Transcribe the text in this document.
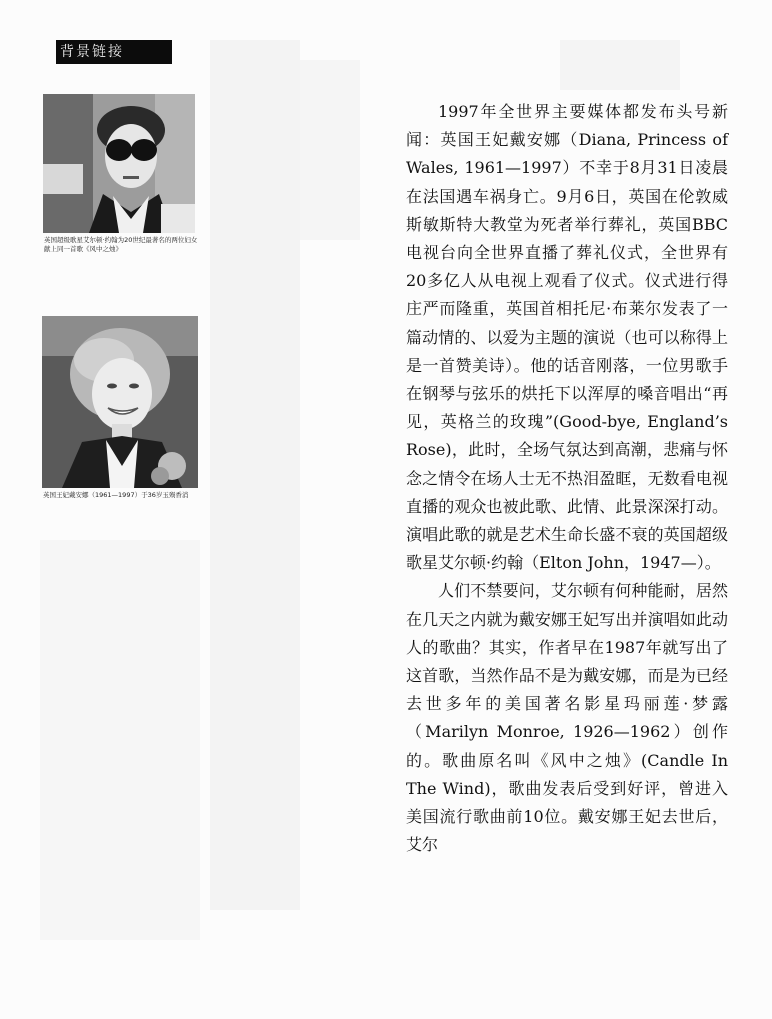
背景链接
英国超级歌星艾尔顿·约翰为20世纪最著名的两位妇女献上同一首歌《风中之烛》
英国王妃戴安娜（1961—1997）于36岁玉殒香消

1997年全世界主要媒体都发布头号新闻：英国王妃戴安娜（Diana, Princess of Wales, 1961—1997）不幸于8月31日凌晨在法国遇车祸身亡。9月6日，英国在伦敦威斯敏斯特大教堂为死者举行葬礼，英国BBC电视台向全世界直播了葬礼仪式，全世界有20多亿人从电视上观看了仪式。仪式进行得庄严而隆重，英国首相托尼·布莱尔发表了一篇动情的、以爱为主题的演说（也可以称得上是一首赞美诗）。他的话音刚落，一位男歌手在钢琴与弦乐的烘托下以浑厚的嗓音唱出“再见，英格兰的玫瑰”(Good-bye, England’s Rose)，此时，全场气氛达到高潮，悲痛与怀念之情令在场人士无不热泪盈眶，无数看电视直播的观众也被此歌、此情、此景深深打动。演唱此歌的就是艺术生命长盛不衰的英国超级歌星艾尔顿·约翰（Elton John，1947—）。

人们不禁要问，艾尔顿有何种能耐，居然在几天之内就为戴安娜王妃写出并演唱如此动人的歌曲？其实，作者早在1987年就写出了这首歌，当然作品不是为戴安娜，而是为已经去世多年的美国著名影星玛丽莲·梦露（Marilyn Monroe, 1926—1962）创作的。歌曲原名叫《风中之烛》(Candle In The Wind)，歌曲发表后受到好评，曾进入美国流行歌曲前10位。戴安娜王妃去世后，艾尔
